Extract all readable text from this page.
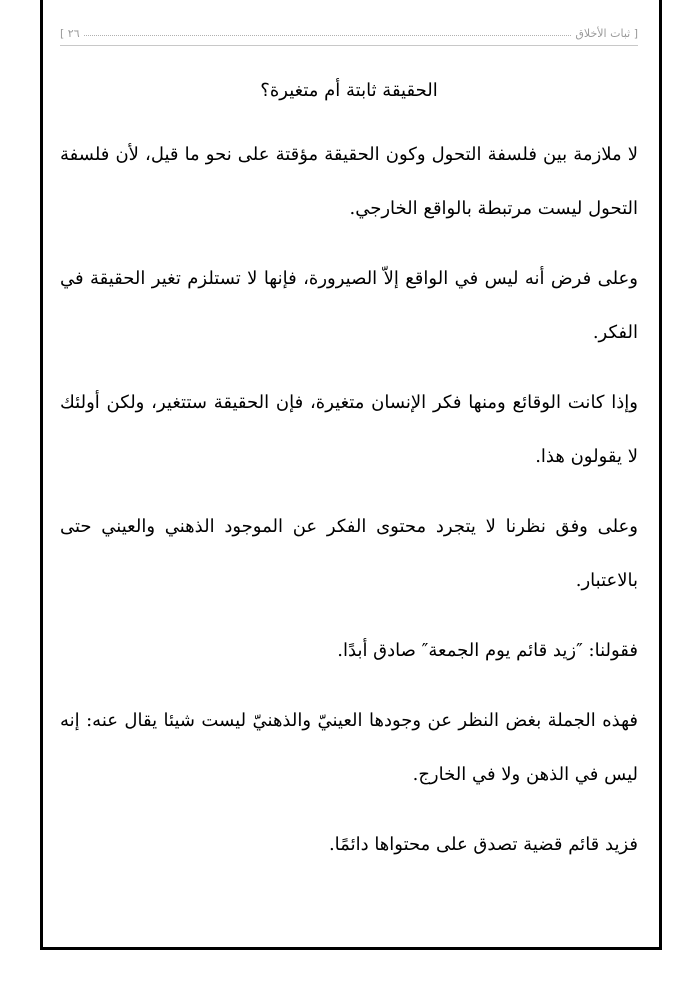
[ ثبات الأخلاق
٢٦ ]
الحقيقة ثابتة أم متغيرة؟

لا ملازمة بين فلسفة التحول وكون الحقيقة مؤقتة على نحو ما قيل، لأن فلسفة التحول ليست مرتبطة بالواقع الخارجي.

وعلى فرض أنه ليس في الواقع إلاّ الصيرورة، فإنها لا تستلزم تغير الحقيقة في الفكر.

وإذا كانت الوقائع ومنها فكر الإنسان متغيرة، فإن الحقيقة ستتغير، ولكن أولئك لا يقولون هذا.

وعلى وفق نظرنا لا يتجرد محتوى الفكر عن الموجود الذهني والعيني حتى بالاعتبار.

فقولنا: ″زيد قائم يوم الجمعة″ صادق أبدًا.

فهذه الجملة بغض النظر عن وجودها العينيّ والذهنيّ ليست شيئا يقال عنه: إنه ليس في الذهن ولا في الخارج.

فزيد قائم قضية تصدق على محتواها دائمًا.
